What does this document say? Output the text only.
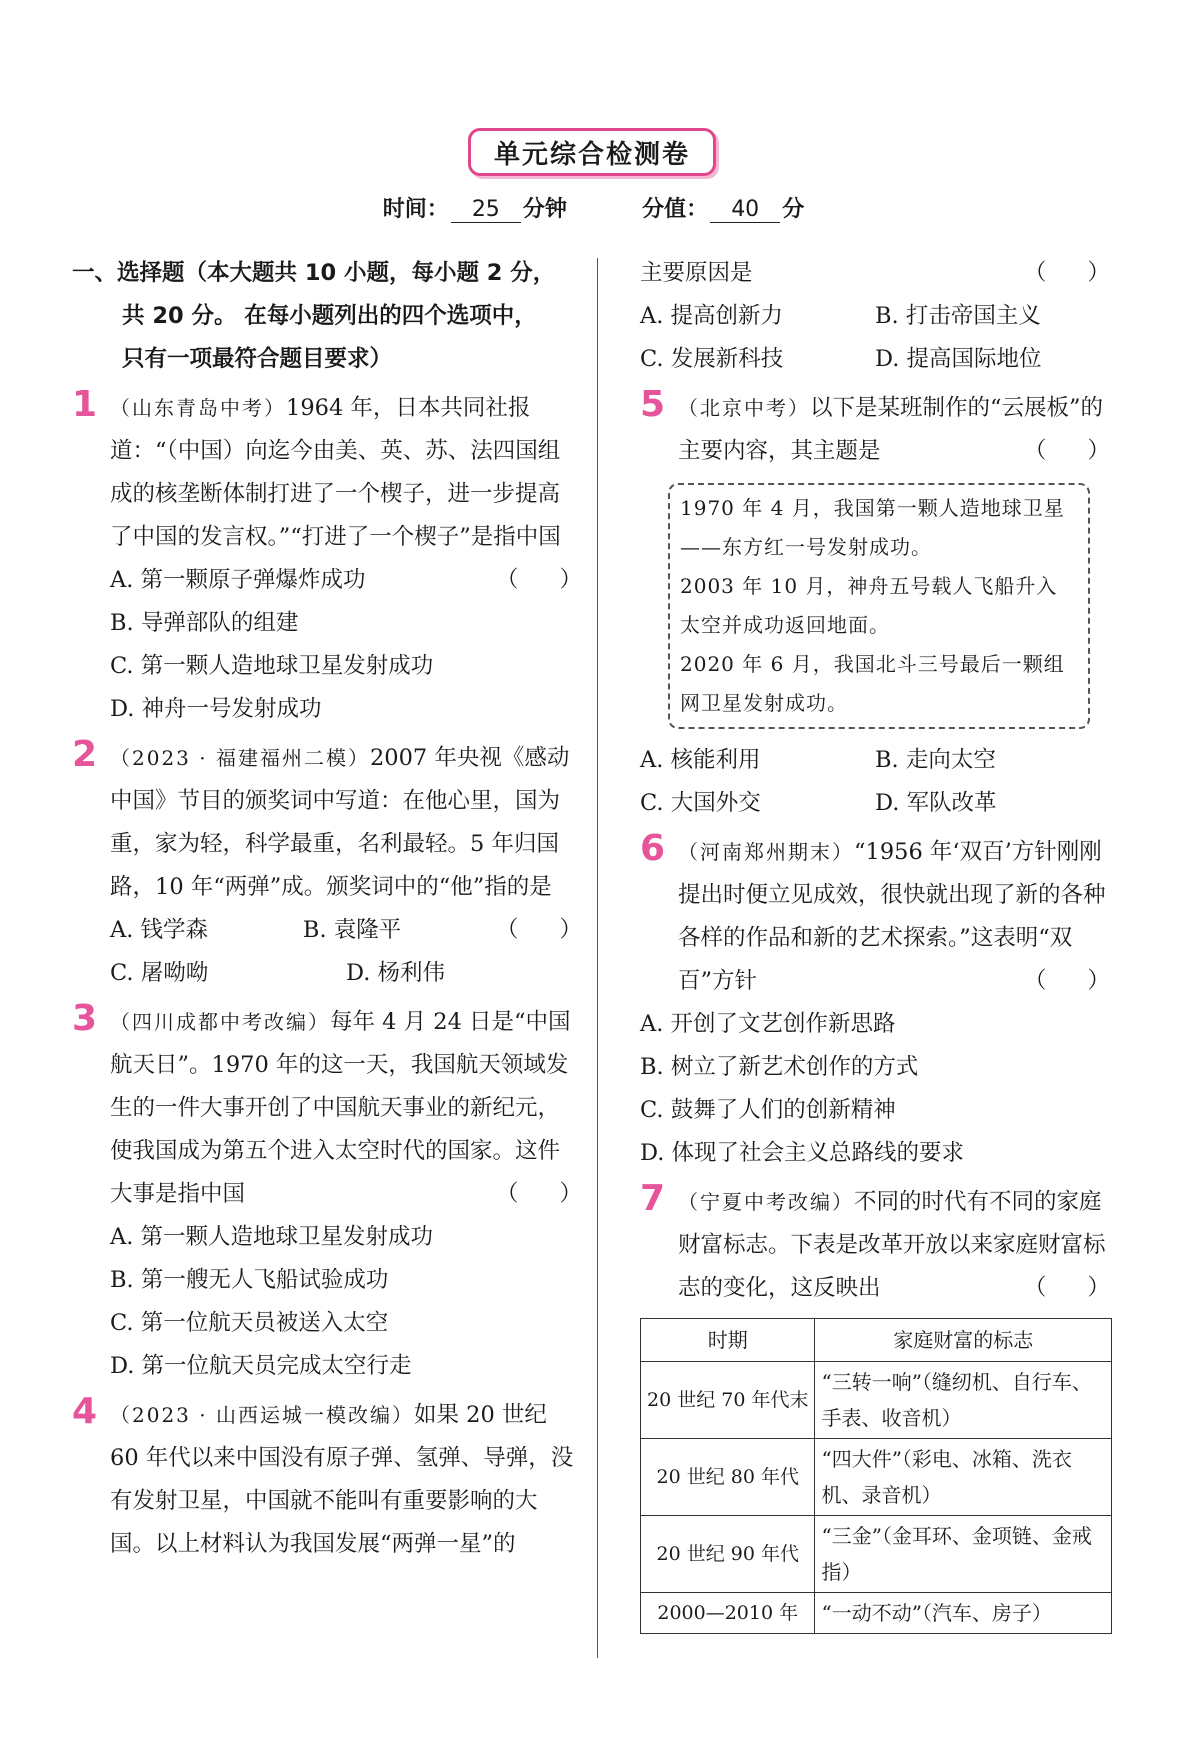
单元综合检测卷
时间： 25 分钟	分值： 40 分
一、选择题（本大题共 10 小题，每小题 2 分，
共 20 分。 在每小题列出的四个选项中，
只有一项最符合题目要求）
1 （山东青岛中考）1964 年，日本共同社报道：“（中国）向迄今由美、英、苏、法四国组成的核垄断体制打进了一个楔子，进一步提高了中国的发言权。”“打进了一个楔子”是指中国
（ ）
A. 第一颗原子弹爆炸成功
B. 导弹部队的组建
C. 第一颗人造地球卫星发射成功
D. 神舟一号发射成功
2 （2023 · 福建福州二模）2007 年央视《感动中国》节目的颁奖词中写道：在他心里，国为重，家为轻，科学最重，名利最轻。5 年归国路，10 年“两弹”成。颁奖词中的“他”指的是
（ ）
A. 钱学森	B. 袁隆平
C. 屠呦呦	D. 杨利伟
3 （四川成都中考改编）每年 4 月 24 日是“中国航天日”。1970 年的这一天，我国航天领域发生的一件大事开创了中国航天事业的新纪元，使我国成为第五个进入太空时代的国家。这件大事是指中国	（ ）
A. 第一颗人造地球卫星发射成功
B. 第一艘无人飞船试验成功
C. 第一位航天员被送入太空
D. 第一位航天员完成太空行走
4 （2023 · 山西运城一模改编）如果 20 世纪 60 年代以来中国没有原子弹、氢弹、导弹，没有发射卫星，中国就不能叫有重要影响的大国。以上材料认为我国发展“两弹一星”的
主要原因是	（ ）
A. 提高创新力	B. 打击帝国主义
C. 发展新科技	D. 提高国际地位
5 （北京中考）以下是某班制作的“云展板”的主要内容，其主题是	（ ）
1970 年 4 月，我国第一颗人造地球卫星——东方红一号发射成功。
2003 年 10 月，神舟五号载人飞船升入太空并成功返回地面。
2020 年 6 月，我国北斗三号最后一颗组网卫星发射成功。
A. 核能利用	B. 走向太空
C. 大国外交	D. 军队改革
6 （河南郑州期末）“1956 年‘双百’方针刚刚提出时便立见成效，很快就出现了新的各种各样的作品和新的艺术探索。”这表明“双百”方针	（ ）
A. 开创了文艺创作新思路
B. 树立了新艺术创作的方式
C. 鼓舞了人们的创新精神
D. 体现了社会主义总路线的要求
7 （宁夏中考改编）不同的时代有不同的家庭财富标志。下表是改革开放以来家庭财富标志的变化，这反映出	（ ）
时期	家庭财富的标志
20 世纪 70 年代末	“三转一响”（缝纫机、自行车、手表、收音机）
20 世纪 80 年代	“四大件”（彩电、冰箱、洗衣机、录音机）
20 世纪 90 年代	“三金”（金耳环、金项链、金戒指）
2000—2010 年	“一动不动”（汽车、房子）
